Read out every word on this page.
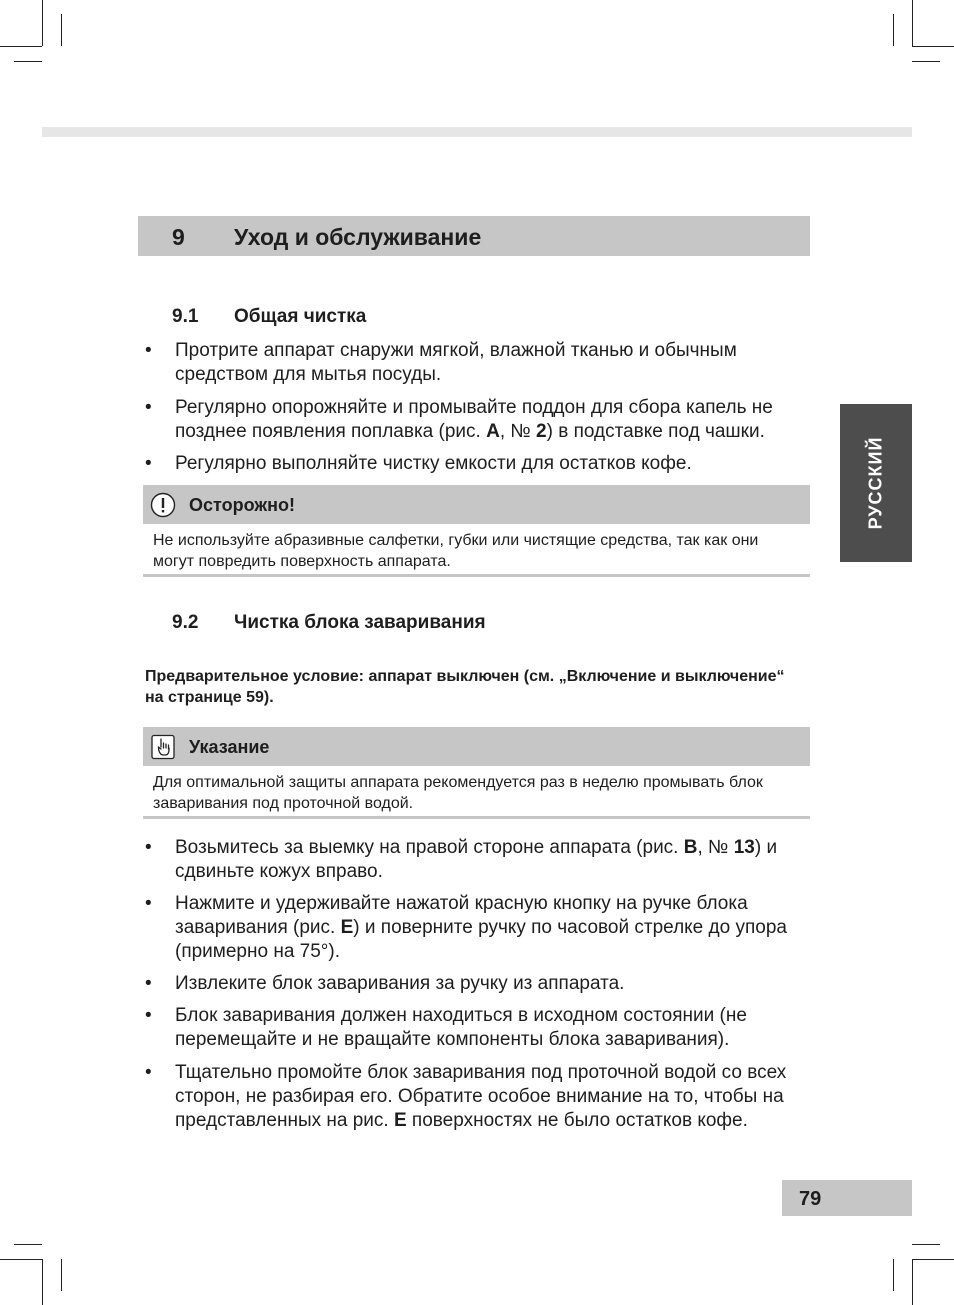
9 Уход и обслуживание
РУССКИЙ
9.1 Общая чистка
• Протрите аппарат снаружи мягкой, влажной тканью и обычным средством для мытья посуды.
• Регулярно опорожняйте и промывайте поддон для сбора капель не позднее появления поплавка (рис. A, № 2) в подставке под чашки.
• Регулярно выполняйте чистку емкости для остатков кофе.
Осторожно!
Не используйте абразивные салфетки, губки или чистящие средства, так как они могут повредить поверхность аппарата.
9.2 Чистка блока заваривания
Предварительное условие: аппарат выключен (см. „Включение и выключение“ на странице 59).
Указание
Для оптимальной защиты аппарата рекомендуется раз в неделю промывать блок заваривания под проточной водой.
• Возьмитесь за выемку на правой стороне аппарата (рис. B, № 13) и сдвиньте кожух вправо.
• Нажмите и удерживайте нажатой красную кнопку на ручке блока заваривания (рис. E) и поверните ручку по часовой стрелке до упора (примерно на 75°).
• Извлеките блок заваривания за ручку из аппарата.
• Блок заваривания должен находиться в исходном состоянии (не перемещайте и не вращайте компоненты блока заваривания).
• Тщательно промойте блок заваривания под проточной водой со всех сторон, не разбирая его. Обратите особое внимание на то, чтобы на представленных на рис. E поверхностях не было остатков кофе.
79
